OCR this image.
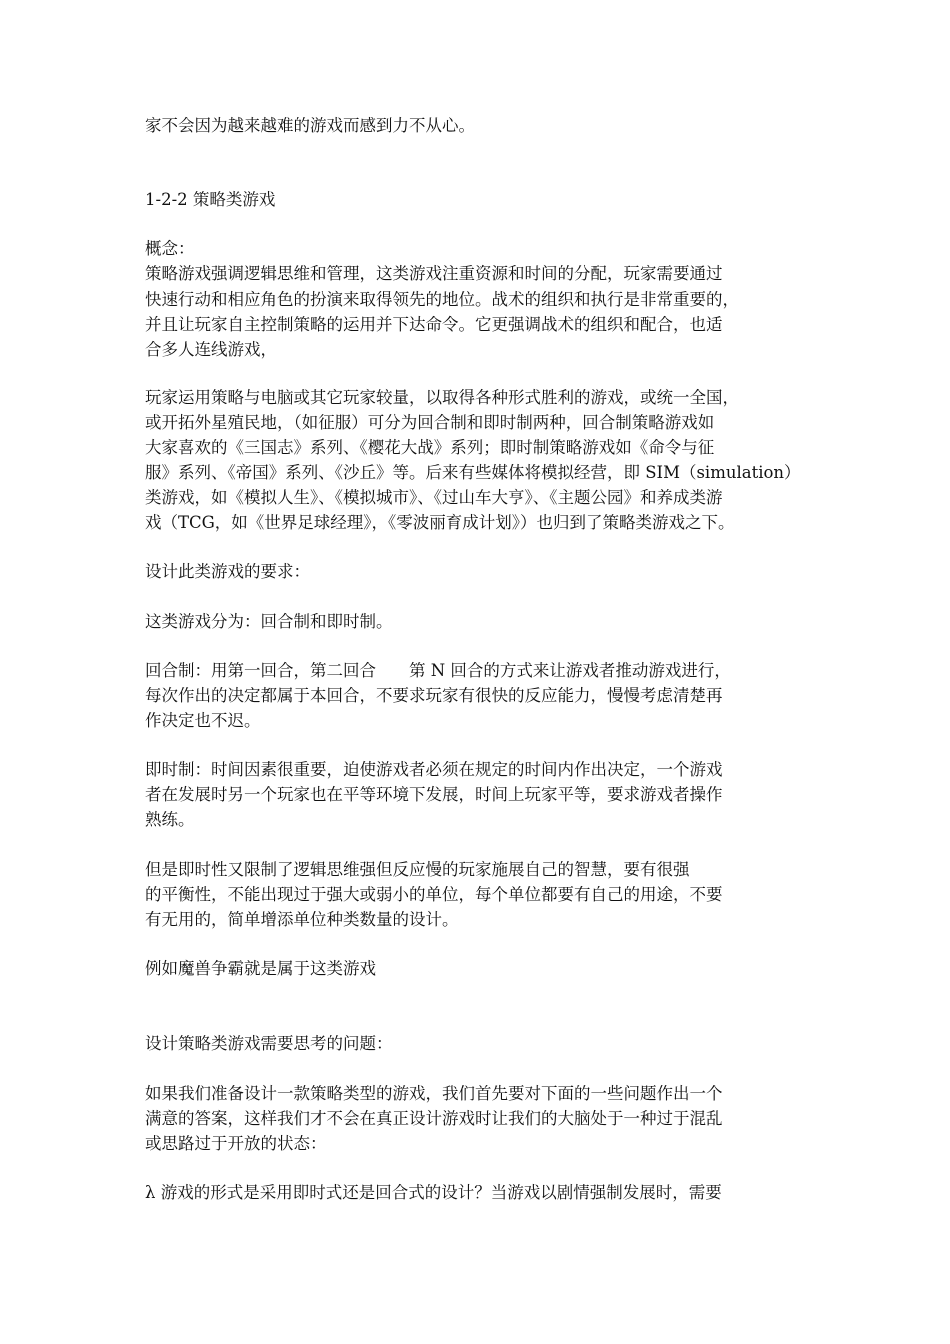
家不会因为越来越难的游戏而感到力不从心。
1-2-2 策略类游戏
概念：
策略游戏强调逻辑思维和管理，这类游戏注重资源和时间的分配，玩家需要通过
快速行动和相应角色的扮演来取得领先的地位。战术的组织和执行是非常重要的，
并且让玩家自主控制策略的运用并下达命令。它更强调战术的组织和配合，也适
合多人连线游戏，
玩家运用策略与电脑或其它玩家较量，以取得各种形式胜利的游戏，或统一全国，
或开拓外星殖民地，（如征服）可分为回合制和即时制两种，回合制策略游戏如
大家喜欢的《三国志》系列、《樱花大战》系列；即时制策略游戏如《命令与征
服》系列、《帝国》系列、《沙丘》等。后来有些媒体将模拟经营，即 SIM（simulation）
类游戏，如《模拟人生》、《模拟城市》、《过山车大亨》、《主题公园》和养成类游
戏（TCG，如《世界足球经理》，《零波丽育成计划》）也归到了策略类游戏之下。
设计此类游戏的要求：
这类游戏分为：回合制和即时制。
回合制：用第一回合，第二回合　　第 N 回合的方式来让游戏者推动游戏进行，
每次作出的决定都属于本回合，不要求玩家有很快的反应能力，慢慢考虑清楚再
作决定也不迟。
即时制：时间因素很重要，迫使游戏者必须在规定的时间内作出决定，一个游戏
者在发展时另一个玩家也在平等环境下发展，时间上玩家平等，要求游戏者操作
熟练。
但是即时性又限制了逻辑思维强但反应慢的玩家施展自己的智慧，要有很强
的平衡性，不能出现过于强大或弱小的单位，每个单位都要有自己的用途，不要
有无用的，简单增添单位种类数量的设计。
例如魔兽争霸就是属于这类游戏
设计策略类游戏需要思考的问题：
如果我们准备设计一款策略类型的游戏，我们首先要对下面的一些问题作出一个
满意的答案，这样我们才不会在真正设计游戏时让我们的大脑处于一种过于混乱
或思路过于开放的状态：
λ 游戏的形式是采用即时式还是回合式的设计？当游戏以剧情强制发展时，需要
